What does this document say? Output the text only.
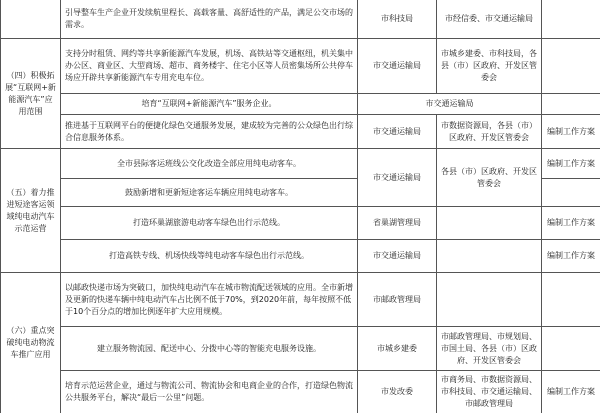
	引导整车生产企业开发续航里程长、高载客量、高舒适性的产品，满足公交市场的需求。	市科技局	市经信委、市交通运输局	
（四）积极拓展“互联网+新能源汽车”应用范围	支持分时租赁、网约等共享新能源汽车发展，机场、高铁站等交通枢纽，机关集中办公区、商业区、大型商场、超市、商务楼宇、住宅小区等人员密集场所公共停车场应开辟共享新能源汽车专用充电车位。	市交通运输局	市城乡建委、市科技局，各县（市）区政府、开发区管委会	
	培育“互联网+新能源汽车”服务企业。	市交通运输局		
	推进基于互联网平台的便捷化绿色交通服务发展，建成较为完善的公众绿色出行综合信息服务体系。	市交通运输局	市数据资源局，各县（市）区政府、开发区管委会	编制工作方案
（五）着力推进短途客运领域纯电动汽车示范运营	全市县际客运班线公交化改造全部应用纯电动客车。	市交通运输局	各县（市）区政府、开发区管委会	编制工作方案
	鼓励新增和更新短途客运车辆应用纯电动客车。			
	打造环巢湖旅游电动客车绿色出行示范线。	省巢湖管理局		编制工作方案
	打造高铁专线、机场快线等纯电动客车绿色出行示范线。	市交通运输局		编制工作方案
（六）重点突破纯电动物流车推广应用	以邮政快递市场为突破口，加快纯电动汽车在城市物流配送领域的应用。全市新增及更新的快递车辆中纯电动汽车占比例不低于70%，到2020年前，每年按照不低于10个百分点的增加比例逐年扩大应用规模。	市邮政管理局		
	建立服务物流园、配送中心、分拨中心等的智能充电服务设施。	市城乡建委	市邮政管理局、市规划局、市国土局、各县（市）区政府、开发区管委会	
	培育示范运营企业，通过与物流公司、物流协会和电商企业的合作，打造绿色物流公共服务平台，解决“最后一公里”问题。	市发改委	市商务局、市数据资源局、市科技局、市交通运输局、市邮政管理局	编制工作方案
